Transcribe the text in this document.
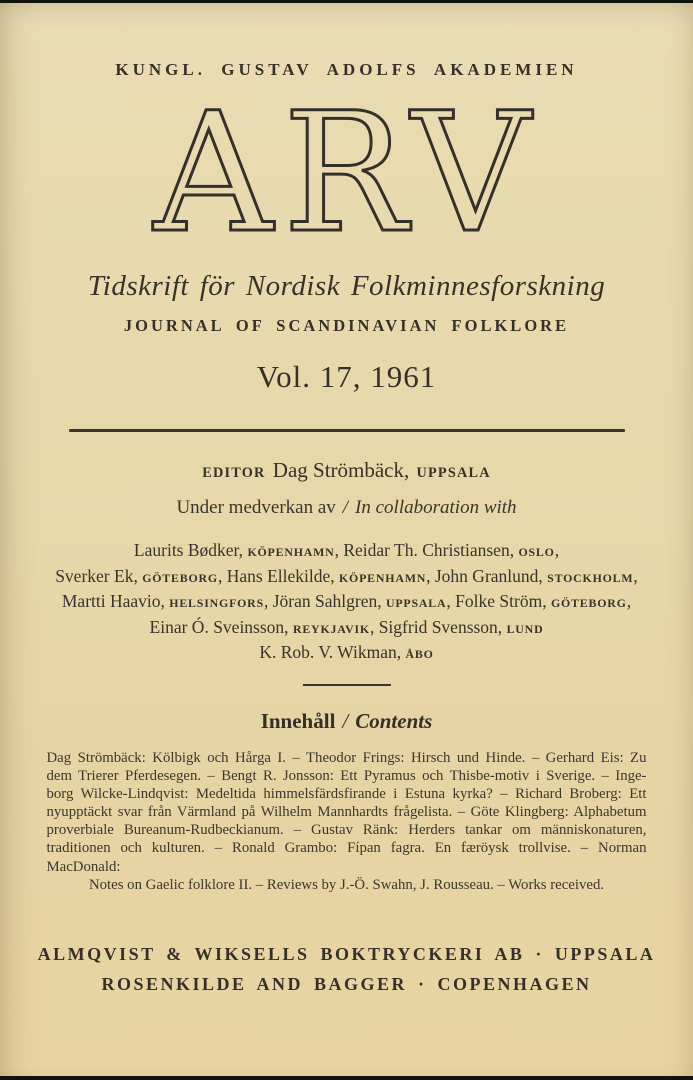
KUNGL. GUSTAV ADOLFS AKADEMIEN
ARV
Tidskrift för Nordisk Folkminnesforskning
JOURNAL OF SCANDINAVIAN FOLKLORE
Vol. 17, 1961
EDITOR Dag Strömbäck, UPPSALA
Under medverkan av / In collaboration with
Laurits Bødker, KÖPENHAMN, Reidar Th. Christiansen, OSLO,
Sverker Ek, GÖTEBORG, Hans Ellekilde, KÖPENHAMN, John Granlund, STOCKHOLM,
Martti Haavio, HELSINGFORS, Jöran Sahlgren, UPPSALA, Folke Ström, GÖTEBORG,
Einar Ó. Sveinsson, REYKJAVIK, Sigfrid Svensson, LUND
K. Rob. V. Wikman, ÅBO
Innehåll / Contents
Dag Strömbäck: Kölbigk och Hårga I. – Theodor Frings: Hirsch und Hinde. – Gerhard Eis: Zu
dem Trierer Pferdesegen. – Bengt R. Jonsson: Ett Pyramus och Thisbe-motiv i Sverige. – Inge-
borg Wilcke-Lindqvist: Medeltida himmelsfärdsfirande i Estuna kyrka? – Richard Broberg: Ett
nyupptäckt svar från Värmland på Wilhelm Mannhardts frågelista. – Göte Klingberg: Alphabetum
proverbiale Bureanum-Rudbeckianum. – Gustav Ränk: Herders tankar om människonaturen,
traditionen och kulturen. – Ronald Grambo: Fípan fagra. En færöysk trollvise. – Norman MacDonald:
Notes on Gaelic folklore II. – Reviews by J.-Ö. Swahn, J. Rousseau. – Works received.
ALMQVIST & WIKSELLS BOKTRYCKERI AB · UPPSALA
ROSENKILDE AND BAGGER · COPENHAGEN
